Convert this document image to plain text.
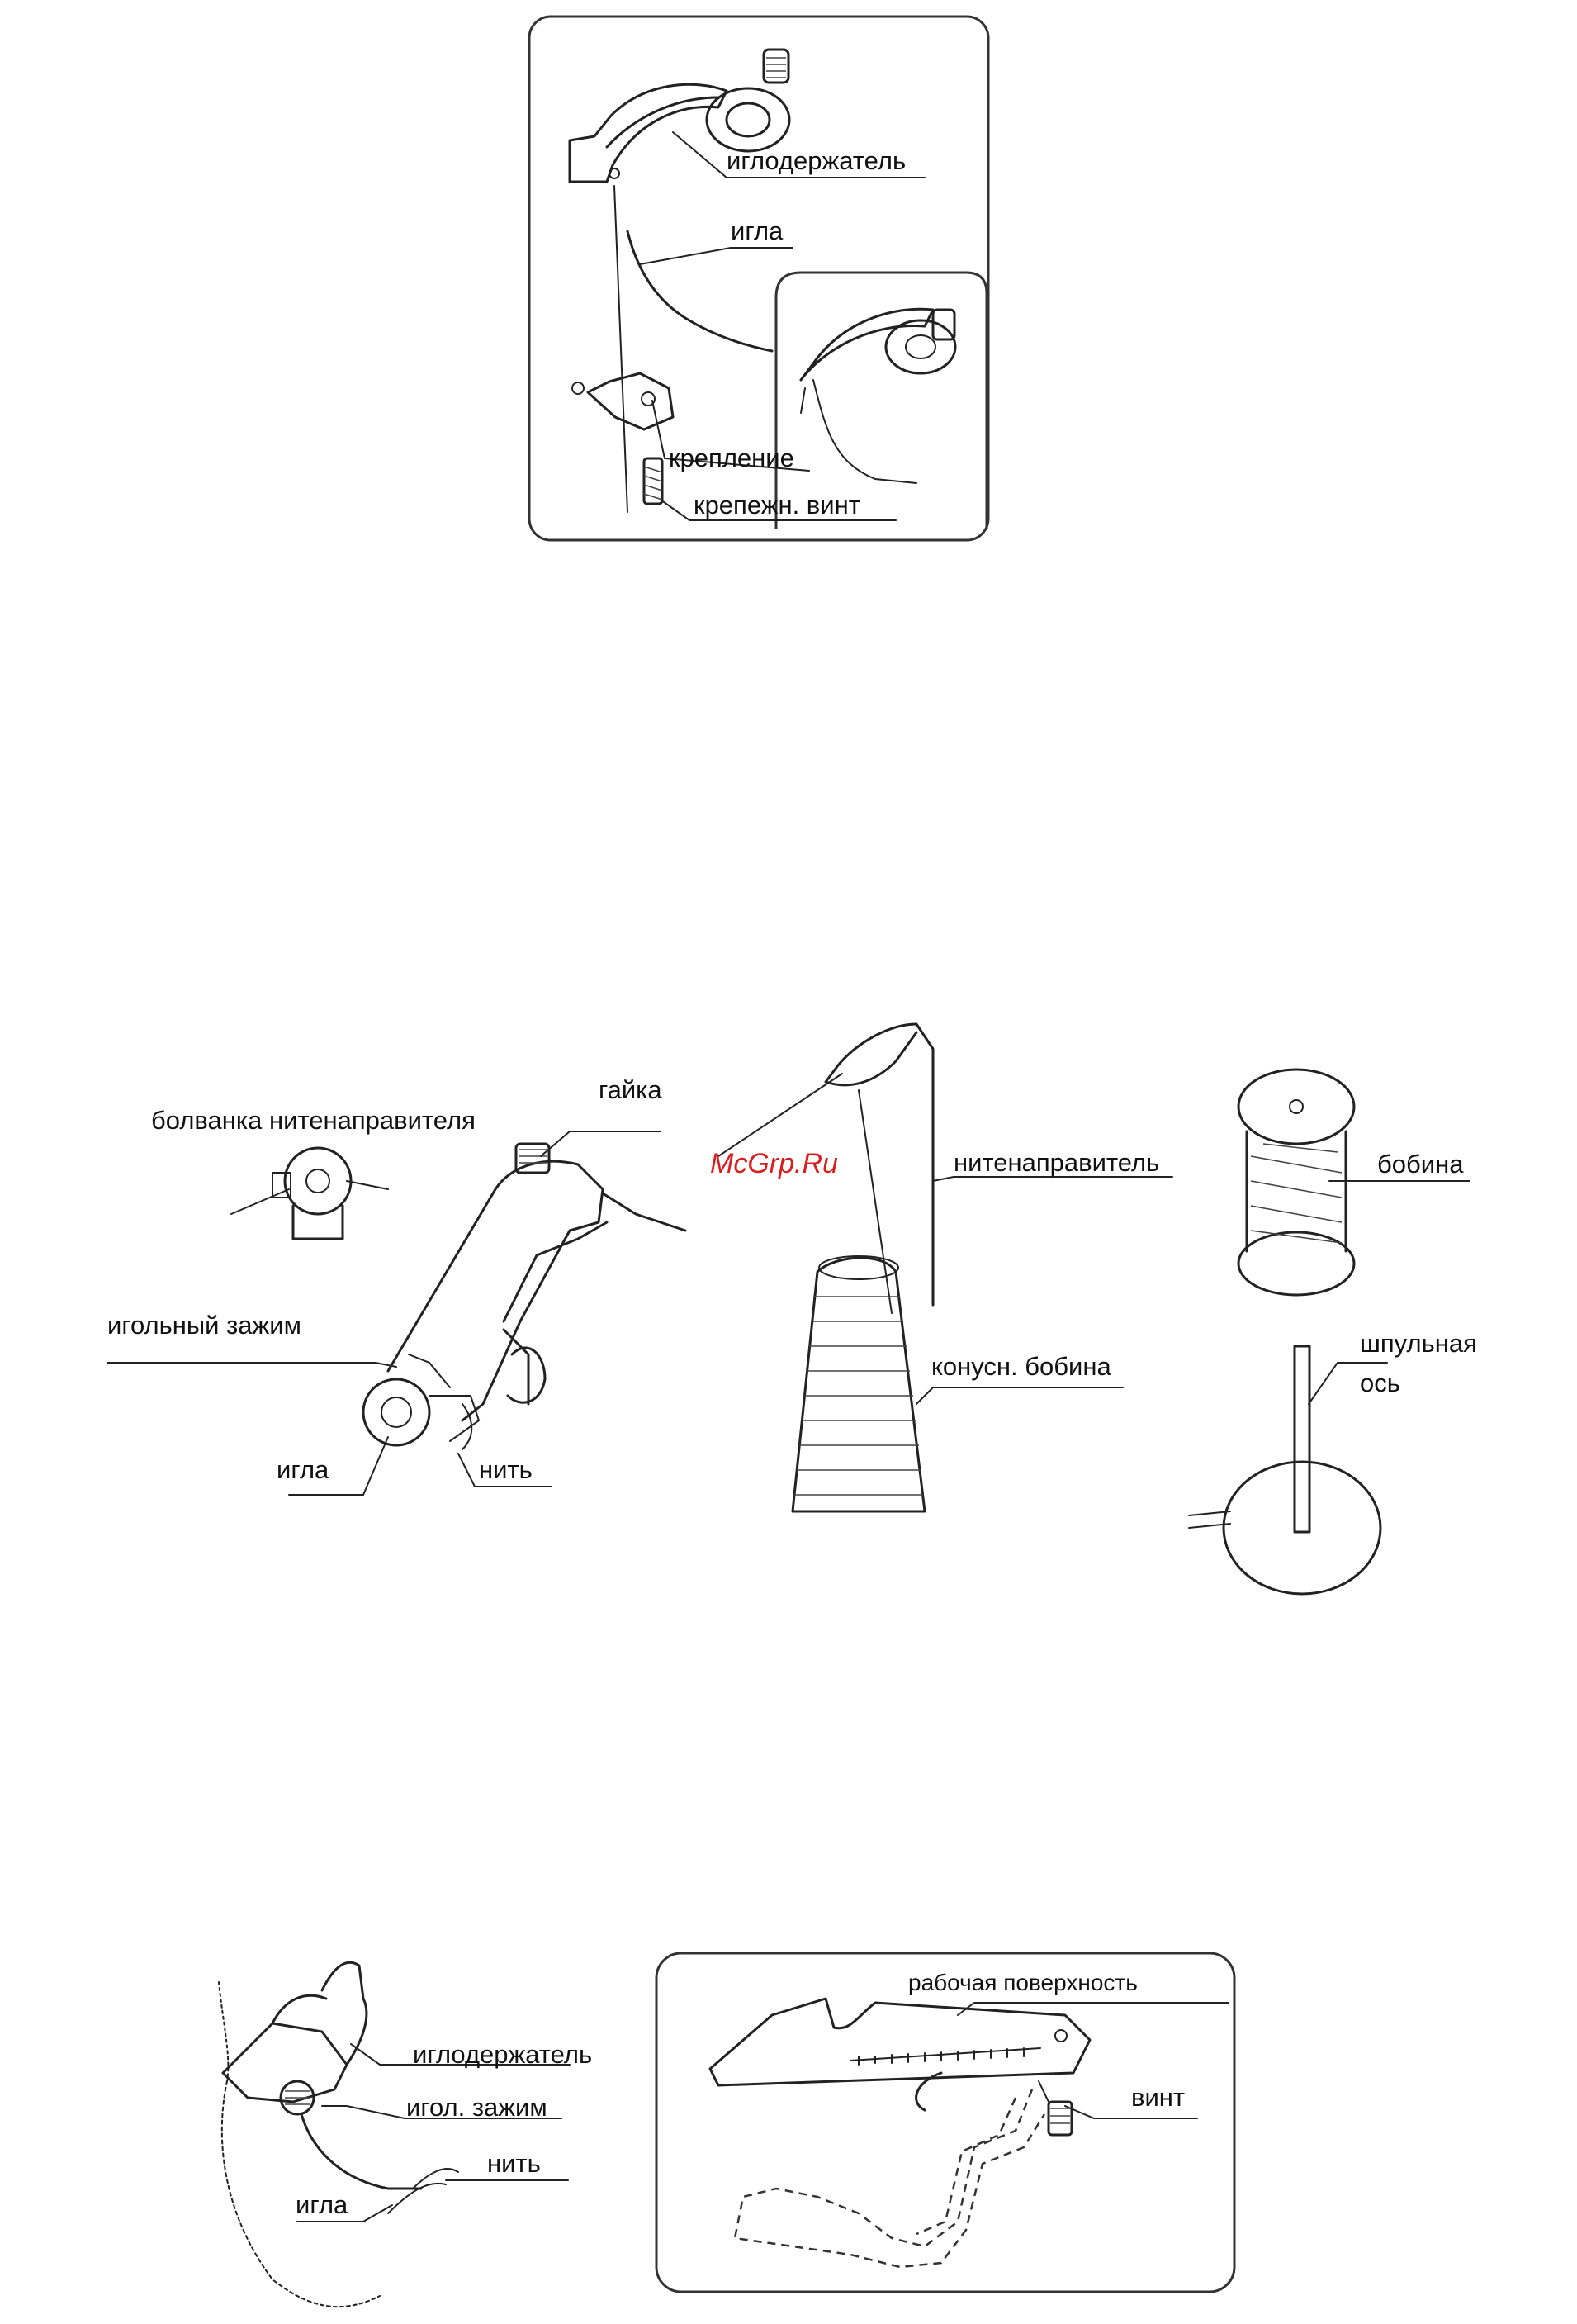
иглодержатель
игла
крепление
крепежн. винт
болванка нитенаправителя
гайка
игольный зажим
игла	нить
McGrp.Ru	нитенаправитель
конусн. бобина
бобина
шпульная
ось
иглодержатель
игол. зажим
нить
игла
рабочая поверхность
винт
